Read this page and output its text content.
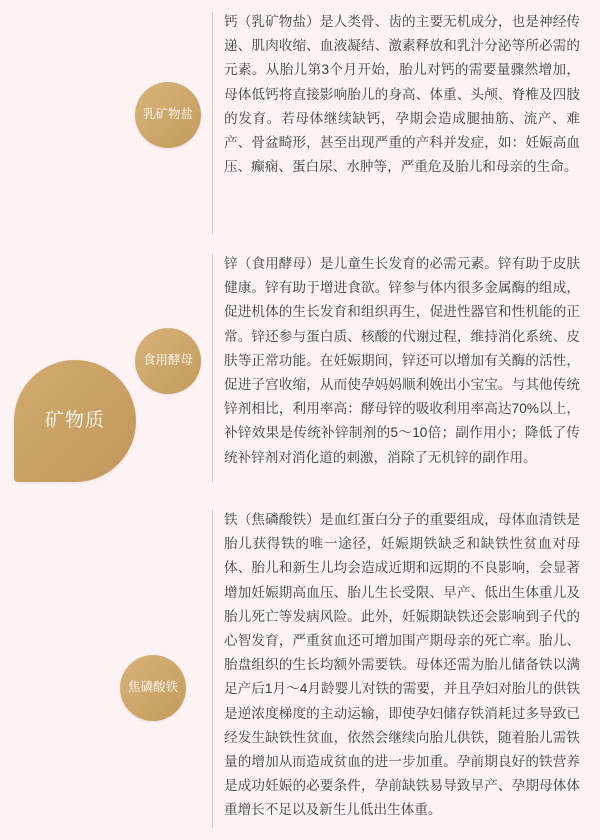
矿物质
乳矿物盐
食用酵母
焦磷酸铁
钙（乳矿物盐）是人类骨、齿的主要无机成分，也是神经传递、肌肉收缩、血液凝结、激素释放和乳汁分泌等所必需的元素。从胎儿第3个月开始，胎儿对钙的需要量骤然增加，母体低钙将直接影响胎儿的身高、体重、头颅、脊椎及四肢的发育。若母体继续缺钙，孕期会造成腿抽筋、流产、难产、骨盆畸形，甚至出现严重的产科并发症，如：妊娠高血压、癫痫、蛋白尿、水肿等，严重危及胎儿和母亲的生命。
锌（食用酵母）是儿童生长发育的必需元素。锌有助于皮肤健康。锌有助于增进食欲。锌参与体内很多金属酶的组成，促进机体的生长发育和组织再生，促进性器官和性机能的正常。锌还参与蛋白质、核酸的代谢过程，维持消化系统、皮肤等正常功能。在妊娠期间，锌还可以增加有关酶的活性，促进子宫收缩，从而使孕妈妈顺利娩出小宝宝。与其他传统锌剂相比，利用率高：酵母锌的吸收利用率高达70%以上，补锌效果是传统补锌制剂的5～10倍；副作用小；降低了传统补锌剂对消化道的刺激，消除了无机锌的副作用。
铁（焦磷酸铁）是血红蛋白分子的重要组成，母体血清铁是胎儿获得铁的唯一途径，妊娠期铁缺乏和缺铁性贫血对母体、胎儿和新生儿均会造成近期和远期的不良影响，会显著增加妊娠期高血压、胎儿生长受限、早产、低出生体重儿及胎儿死亡等发病风险。此外，妊娠期缺铁还会影响到子代的心智发育，严重贫血还可增加围产期母亲的死亡率。胎儿、胎盘组织的生长均额外需要铁。母体还需为胎儿储备铁以满足产后1月～4月龄婴儿对铁的需要，并且孕妇对胎儿的供铁是逆浓度梯度的主动运输，即使孕妇储存铁消耗过多导致已经发生缺铁性贫血，依然会继续向胎儿供铁，随着胎儿需铁量的增加从而造成贫血的进一步加重。孕前期良好的铁营养是成功妊娠的必要条件，孕前缺铁易导致早产、孕期母体体重增长不足以及新生儿低出生体重。
